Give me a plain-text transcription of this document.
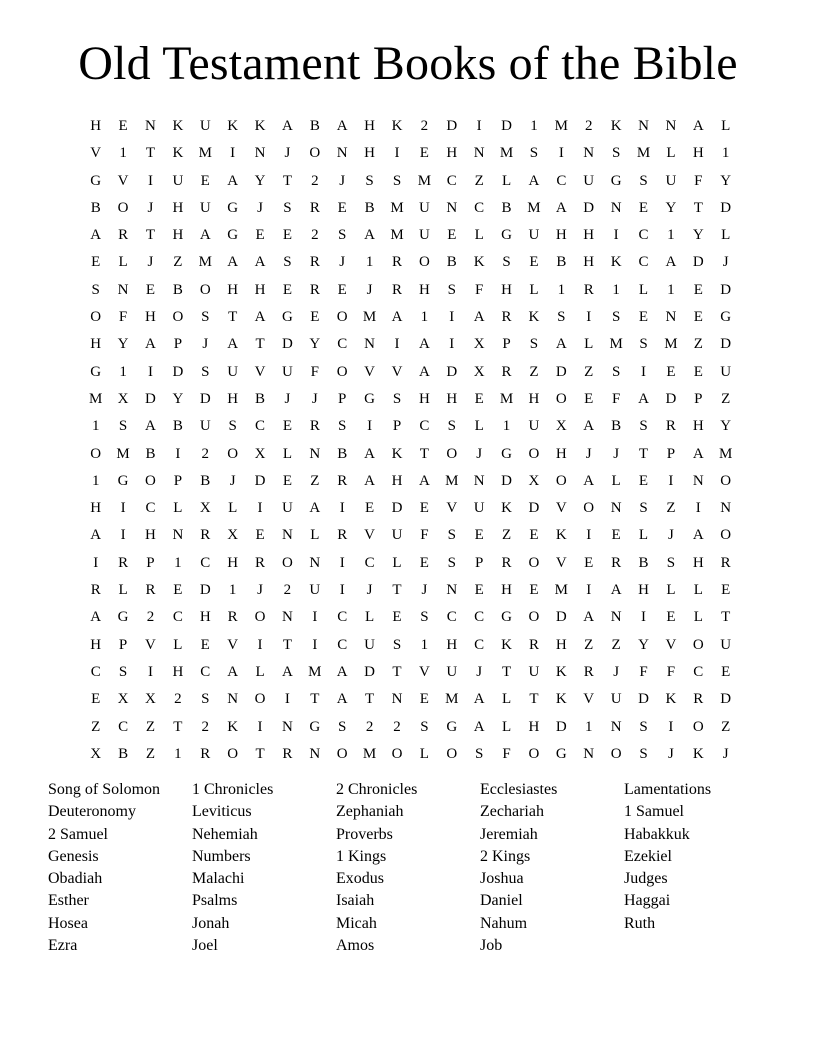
Old Testament Books of the Bible
H	E	N	K	U	K	K	A	B	A	H	K	2	D	I	D	1	M	2	K	N	N	A	L
V	1	T	K	M	I	N	J	O	N	H	I	E	H	N	M	S	I	N	S	M	L	H	1
G	V	I	U	E	A	Y	T	2	J	S	S	M	C	Z	L	A	C	U	G	S	U	F	Y
B	O	J	H	U	G	J	S	R	E	B	M	U	N	C	B	M	A	D	N	E	Y	T	D
A	R	T	H	A	G	E	E	2	S	A	M	U	E	L	G	U	H	H	I	C	1	Y	L
E	L	J	Z	M	A	A	S	R	J	1	R	O	B	K	S	E	B	H	K	C	A	D	J
S	N	E	B	O	H	H	E	R	E	J	R	H	S	F	H	L	1	R	1	L	1	E	D
O	F	H	O	S	T	A	G	E	O	M	A	1	I	A	R	K	S	I	S	E	N	E	G
H	Y	A	P	J	A	T	D	Y	C	N	I	A	I	X	P	S	A	L	M	S	M	Z	D
G	1	I	D	S	U	V	U	F	O	V	V	A	D	X	R	Z	D	Z	S	I	E	E	U
M	X	D	Y	D	H	B	J	J	P	G	S	H	H	E	M	H	O	E	F	A	D	P	Z
1	S	A	B	U	S	C	E	R	S	I	P	C	S	L	1	U	X	A	B	S	R	H	Y
O	M	B	I	2	O	X	L	N	B	A	K	T	O	J	G	O	H	J	J	T	P	A	M
1	G	O	P	B	J	D	E	Z	R	A	H	A	M	N	D	X	O	A	L	E	I	N	O
H	I	C	L	X	L	I	U	A	I	E	D	E	V	U	K	D	V	O	N	S	Z	I	N
A	I	H	N	R	X	E	N	L	R	V	U	F	S	E	Z	E	K	I	E	L	J	A	O
I	R	P	1	C	H	R	O	N	I	C	L	E	S	P	R	O	V	E	R	B	S	H	R
R	L	R	E	D	1	J	2	U	I	J	T	J	N	E	H	E	M	I	A	H	L	L	E
A	G	2	C	H	R	O	N	I	C	L	E	S	C	C	G	O	D	A	N	I	E	L	T
H	P	V	L	E	V	I	T	I	C	U	S	1	H	C	K	R	H	Z	Z	Y	V	O	U
C	S	I	H	C	A	L	A	M	A	D	T	V	U	J	T	U	K	R	J	F	F	C	E
E	X	X	2	S	N	O	I	T	A	T	N	E	M	A	L	T	K	V	U	D	K	R	D
Z	C	Z	T	2	K	I	N	G	S	2	2	S	G	A	L	H	D	1	N	S	I	O	Z
X	B	Z	1	R	O	T	R	N	O	M	O	L	O	S	F	O	G	N	O	S	J	K	J
Song of Solomon	1 Chronicles	2 Chronicles	Ecclesiastes	Lamentations
Deuteronomy	Leviticus	Zephaniah	Zechariah	1 Samuel
2 Samuel	Nehemiah	Proverbs	Jeremiah	Habakkuk
Genesis	Numbers	1 Kings	2 Kings	Ezekiel
Obadiah	Malachi	Exodus	Joshua	Judges
Esther	Psalms	Isaiah	Daniel	Haggai
Hosea	Jonah	Micah	Nahum	Ruth
Ezra	Joel	Amos	Job
